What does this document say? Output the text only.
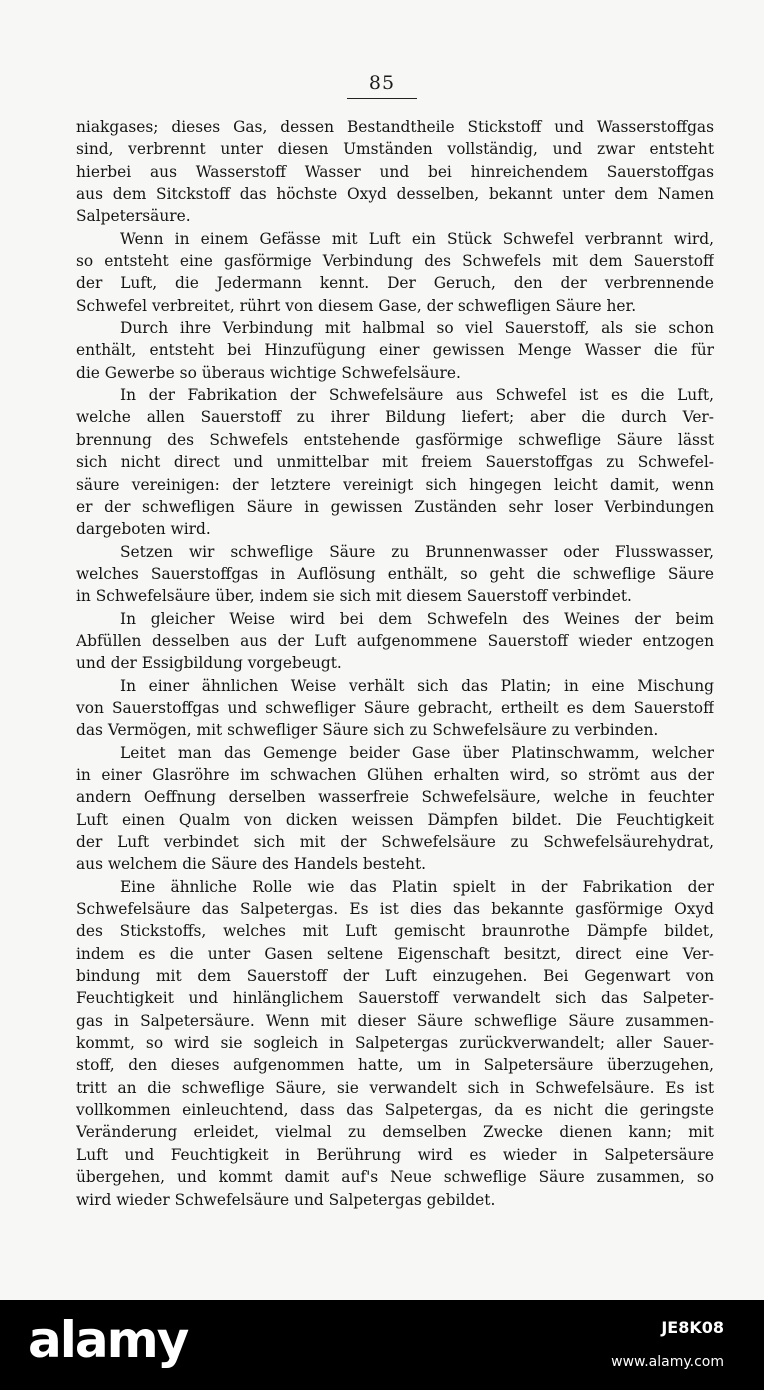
85
niakgases; dieses Gas, dessen Bestandtheile Stickstoff und Wasserstoffgas
sind, verbrennt unter diesen Umständen vollständig, und zwar entsteht
hierbei aus Wasserstoff Wasser und bei hinreichendem Sauerstoffgas
aus dem Sitckstoff das höchste Oxyd desselben, bekannt unter dem Namen
Salpetersäure.
Wenn in einem Gefässe mit Luft ein Stück Schwefel verbrannt wird,
so entsteht eine gasförmige Verbindung des Schwefels mit dem Sauerstoff
der Luft, die Jedermann kennt. Der Geruch, den der verbrennende
Schwefel verbreitet, rührt von diesem Gase, der schwefligen Säure her.
Durch ihre Verbindung mit halbmal so viel Sauerstoff, als sie schon
enthält, entsteht bei Hinzufügung einer gewissen Menge Wasser die für
die Gewerbe so überaus wichtige Schwefelsäure.
In der Fabrikation der Schwefelsäure aus Schwefel ist es die Luft,
welche allen Sauerstoff zu ihrer Bildung liefert; aber die durch Ver-
brennung des Schwefels entstehende gasförmige schweflige Säure lässt
sich nicht direct und unmittelbar mit freiem Sauerstoffgas zu Schwefel-
säure vereinigen: der letztere vereinigt sich hingegen leicht damit, wenn
er der schwefligen Säure in gewissen Zuständen sehr loser Verbindungen
dargeboten wird.
Setzen wir schweflige Säure zu Brunnenwasser oder Flusswasser,
welches Sauerstoffgas in Auflösung enthält, so geht die schweflige Säure
in Schwefelsäure über, indem sie sich mit diesem Sauerstoff verbindet.
In gleicher Weise wird bei dem Schwefeln des Weines der beim
Abfüllen desselben aus der Luft aufgenommene Sauerstoff wieder entzogen
und der Essigbildung vorgebeugt.
In einer ähnlichen Weise verhält sich das Platin; in eine Mischung
von Sauerstoffgas und schwefliger Säure gebracht, ertheilt es dem Sauerstoff
das Vermögen, mit schwefliger Säure sich zu Schwefelsäure zu verbinden.
Leitet man das Gemenge beider Gase über Platinschwamm, welcher
in einer Glasröhre im schwachen Glühen erhalten wird, so strömt aus der
andern Oeffnung derselben wasserfreie Schwefelsäure, welche in feuchter
Luft einen Qualm von dicken weissen Dämpfen bildet. Die Feuchtigkeit
der Luft verbindet sich mit der Schwefelsäure zu Schwefelsäurehydrat,
aus welchem die Säure des Handels besteht.
Eine ähnliche Rolle wie das Platin spielt in der Fabrikation der
Schwefelsäure das Salpetergas. Es ist dies das bekannte gasförmige Oxyd
des Stickstoffs, welches mit Luft gemischt braunrothe Dämpfe bildet,
indem es die unter Gasen seltene Eigenschaft besitzt, direct eine Ver-
bindung mit dem Sauerstoff der Luft einzugehen. Bei Gegenwart von
Feuchtigkeit und hinlänglichem Sauerstoff verwandelt sich das Salpeter-
gas in Salpetersäure. Wenn mit dieser Säure schweflige Säure zusammen-
kommt, so wird sie sogleich in Salpetergas zurückverwandelt; aller Sauer-
stoff, den dieses aufgenommen hatte, um in Salpetersäure überzugehen,
tritt an die schweflige Säure, sie verwandelt sich in Schwefelsäure. Es ist
vollkommen einleuchtend, dass das Salpetergas, da es nicht die geringste
Veränderung erleidet, vielmal zu demselben Zwecke dienen kann; mit
Luft und Feuchtigkeit in Berührung wird es wieder in Salpetersäure
übergehen, und kommt damit auf's Neue schweflige Säure zusammen, so
wird wieder Schwefelsäure und Salpetergas gebildet.
alamy	JE8K08
www.alamy.com
